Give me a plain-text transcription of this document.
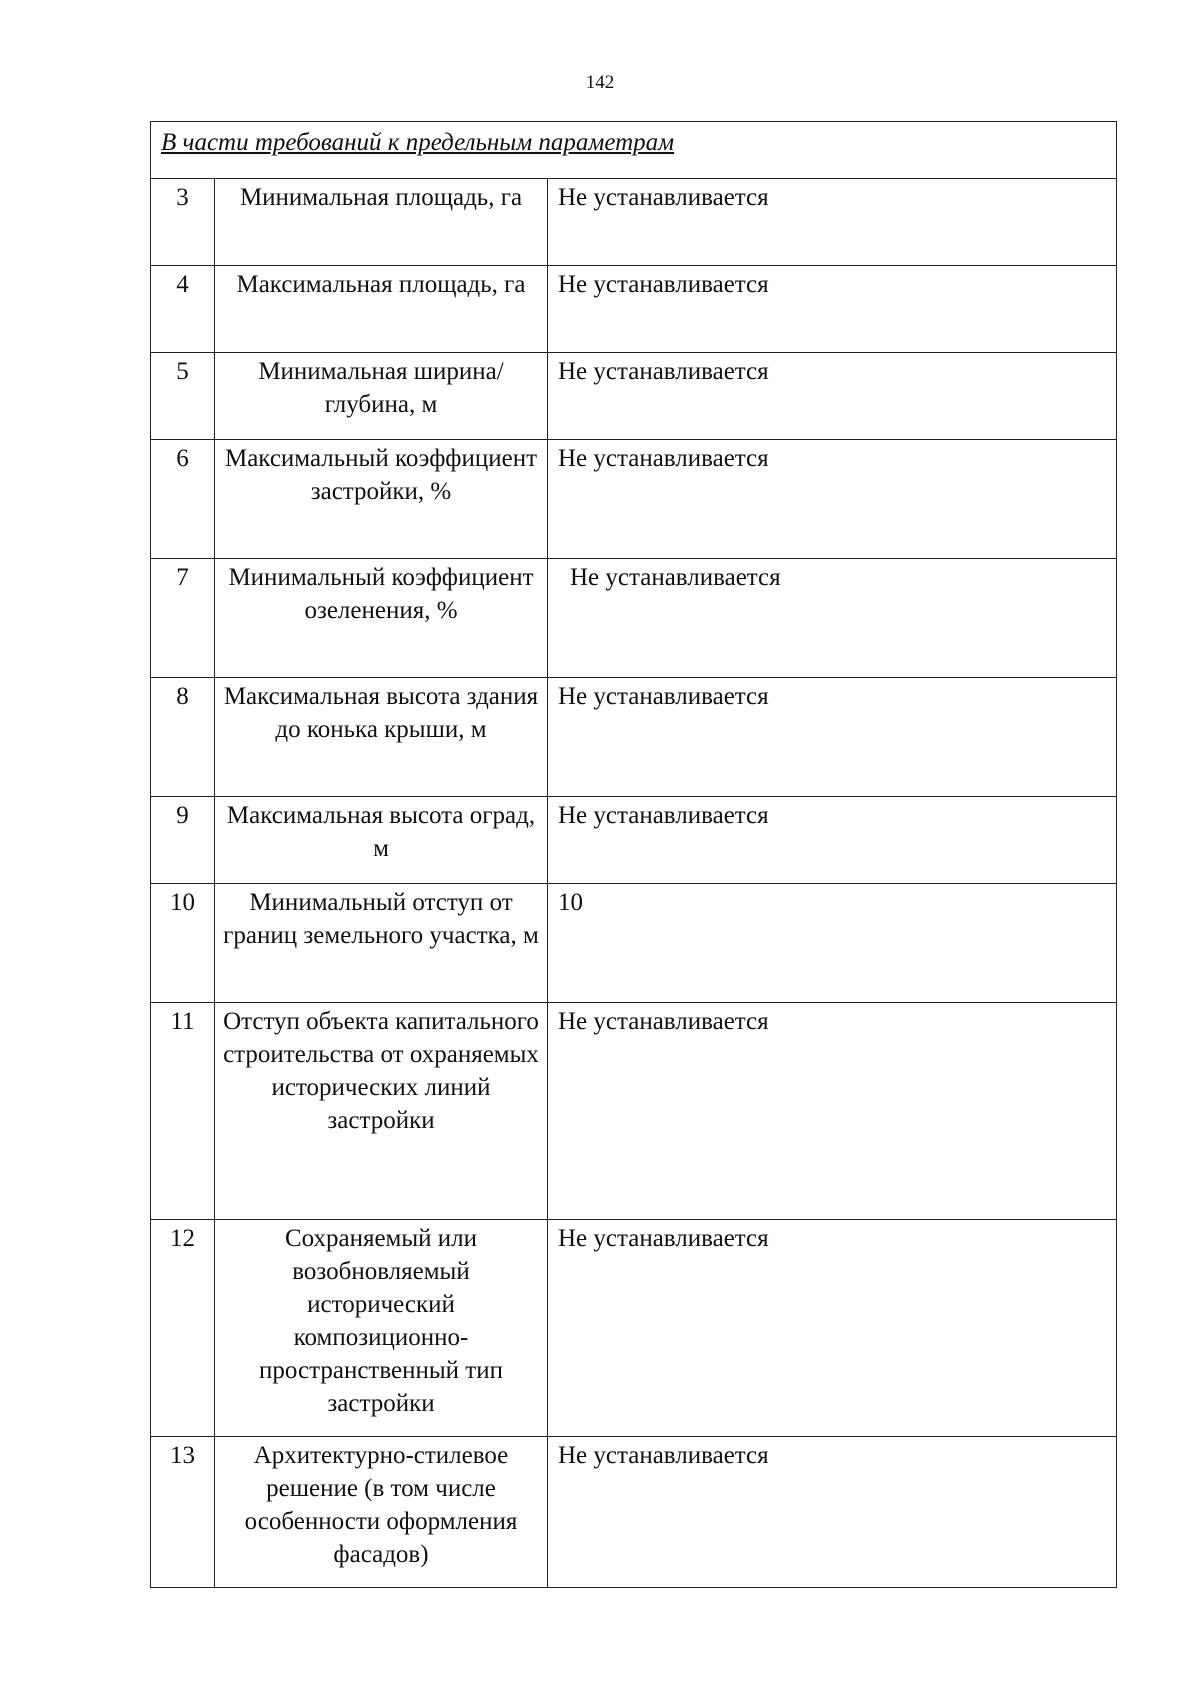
142
В части требований к предельным параметрам		
3	Минимальная площадь, га	Не устанавливается
4	Максимальная площадь, га	Не устанавливается
5	Минимальная ширина/ глубина, м	Не устанавливается
6	Максимальный коэффициент застройки, %	Не устанавливается
7	Минимальный коэффициент озеленения, %	Не устанавливается
8	Максимальная высота здания до конька крыши, м	Не устанавливается
9	Максимальная высота оград, м	Не устанавливается
10	Минимальный отступ от границ земельного участка, м	10
11	Отступ объекта капитального строительства от охраняемых исторических линий застройки	Не устанавливается
12	Сохраняемый или возобновляемый исторический композиционно-пространственный тип застройки	Не устанавливается
13	Архитектурно-стилевое решение (в том числе особенности оформления фасадов)	Не устанавливается
